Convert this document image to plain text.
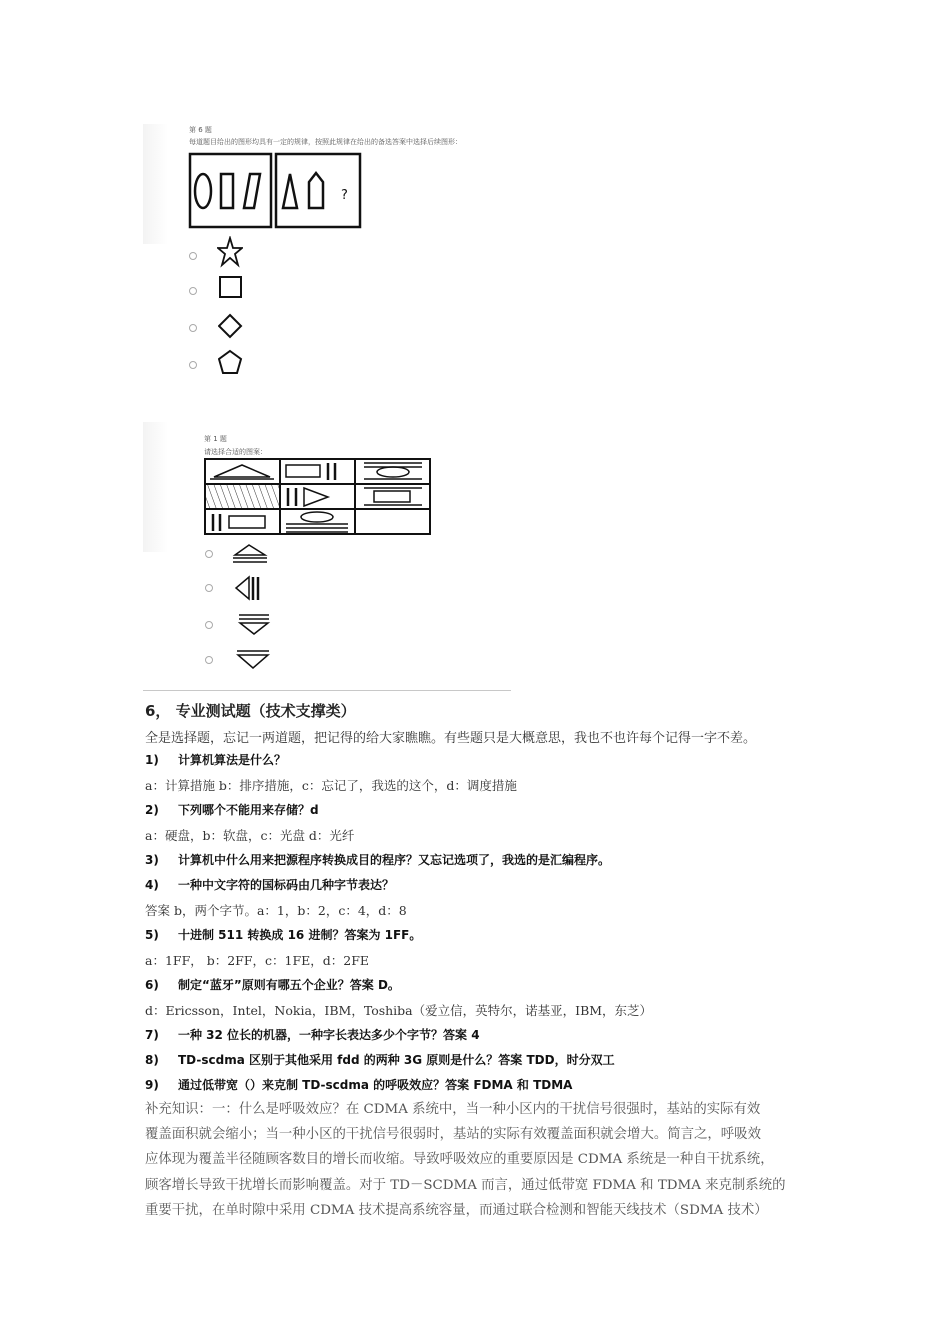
第 6 题
每道题目给出的图形均具有一定的规律，按照此规律在给出的备选答案中选择后续图形：
?
第 1 题
请选择合适的图案：
6， 专业测试题（技术支撑类）
全是选择题，忘记一两道题，把记得的给大家瞧瞧。有些题只是大概意思，我也不也许每个记得一字不差。
1) 计算机算法是什么？
a：计算措施 b：排序措施，c：忘记了，我选的这个，d：调度措施
2) 下列哪个不能用来存储？d
a：硬盘，b：软盘，c：光盘 d：光纤
3) 计算机中什么用来把源程序转换成目的程序？又忘记选项了，我选的是汇编程序。
4) 一种中文字符的国标码由几种字节表达？
答案 b，两个字节。a：1，b：2，c：4，d：8
5) 十进制 511 转换成 16 进制？答案为 1FF。
a：1FF， b：2FF，c：1FE，d：2FE
6) 制定“蓝牙”原则有哪五个企业？答案 D。
d：Ericsson，Intel，Nokia，IBM，Toshiba（爱立信，英特尔，诺基亚，IBM，东芝）
7) 一种 32 位长的机器，一种字长表达多少个字节？答案 4
8) TD-scdma 区别于其他采用 fdd 的两种 3G 原则是什么？答案 TDD，时分双工
9) 通过低带宽（）来克制 TD-scdma 的呼吸效应？答案 FDMA 和 TDMA
补充知识：一：什么是呼吸效应？在 CDMA 系统中，当一种小区内的干扰信号很强时，基站的实际有效
覆盖面积就会缩小；当一种小区的干扰信号很弱时，基站的实际有效覆盖面积就会增大。简言之，呼吸效
应体现为覆盖半径随顾客数目的增长而收缩。导致呼吸效应的重要原因是 CDMA 系统是一种自干扰系统，
顾客增长导致干扰增长而影响覆盖。对于 TD－SCDMA 而言，通过低带宽 FDMA 和 TDMA 来克制系统的
重要干扰，在单时隙中采用 CDMA 技术提高系统容量，而通过联合检测和智能天线技术（SDMA 技术）
